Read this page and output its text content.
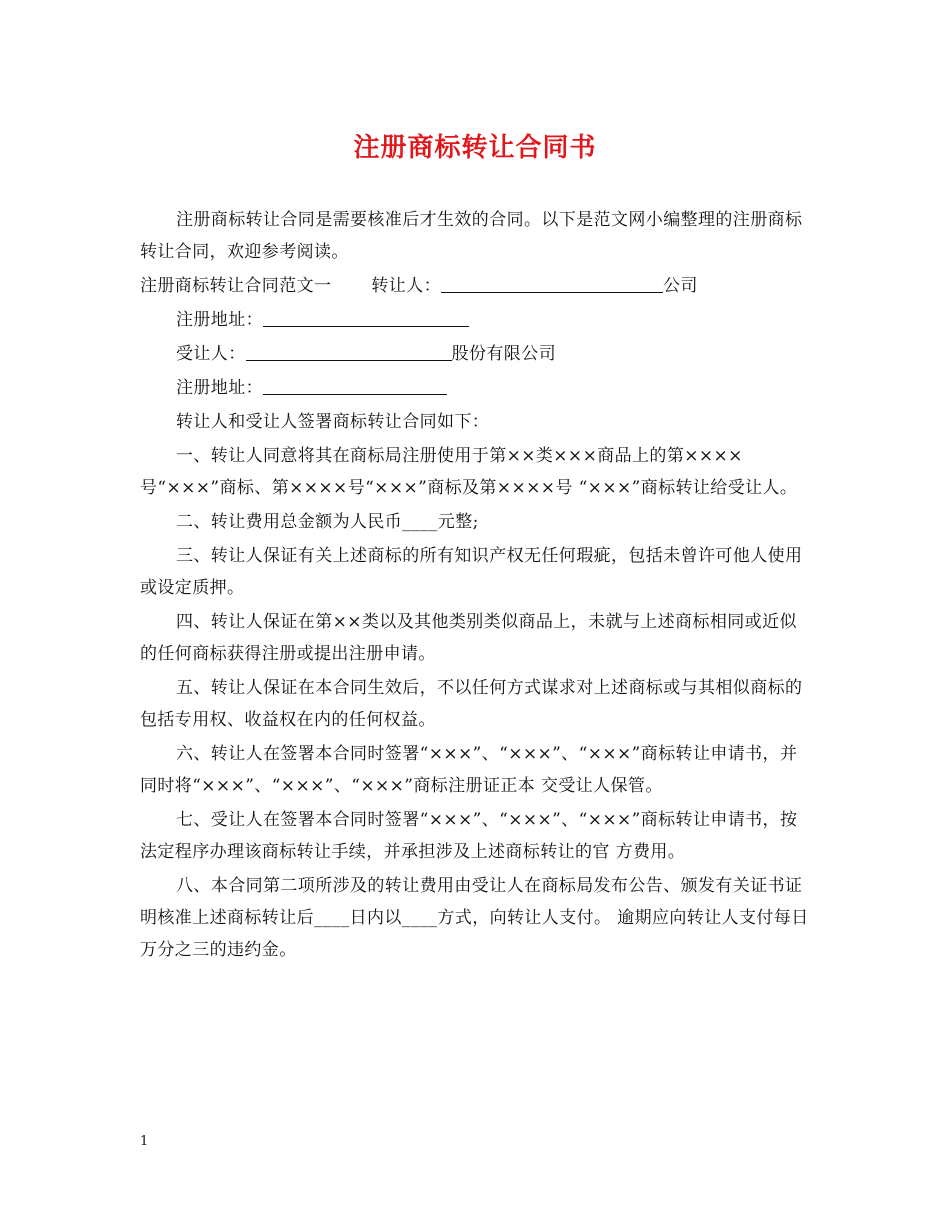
注册商标转让合同书

注册商标转让合同是需要核准后才生效的合同。以下是范文网小编整理的注册商标转让合同，欢迎参考阅读。

注册商标转让合同范文一 转让人：	公司

注册地址：

受让人：	股份有限公司

注册地址：

转让人和受让人签署商标转让合同如下：

一、转让人同意将其在商标局注册使用于第××类×××商品上的第××××号“×××”商标、第××××号“×××”商标及第××××号 “×××”商标转让给受让人。

二、转让费用总金额为人民币____元整;

三、转让人保证有关上述商标的所有知识产权无任何瑕疵，包括未曾许可他人使用或设定质押。

四、转让人保证在第××类以及其他类别类似商品上，未就与上述商标相同或近似的任何商标获得注册或提出注册申请。

五、转让人保证在本合同生效后，不以任何方式谋求对上述商标或与其相似商标的包括专用权、收益权在内的任何权益。

六、转让人在签署本合同时签署“×××”、“×××”、“×××”商标转让申请书，并同时将“×××”、“×××”、“×××”商标注册证正本 交受让人保管。

七、受让人在签署本合同时签署“×××”、“×××”、“×××”商标转让申请书，按法定程序办理该商标转让手续，并承担涉及上述商标转让的官 方费用。

八、本合同第二项所涉及的转让费用由受让人在商标局发布公告、颁发有关证书证明核准上述商标转让后____日内以____方式，向转让人支付。 逾期应向转让人支付每日万分之三的违约金。

1
